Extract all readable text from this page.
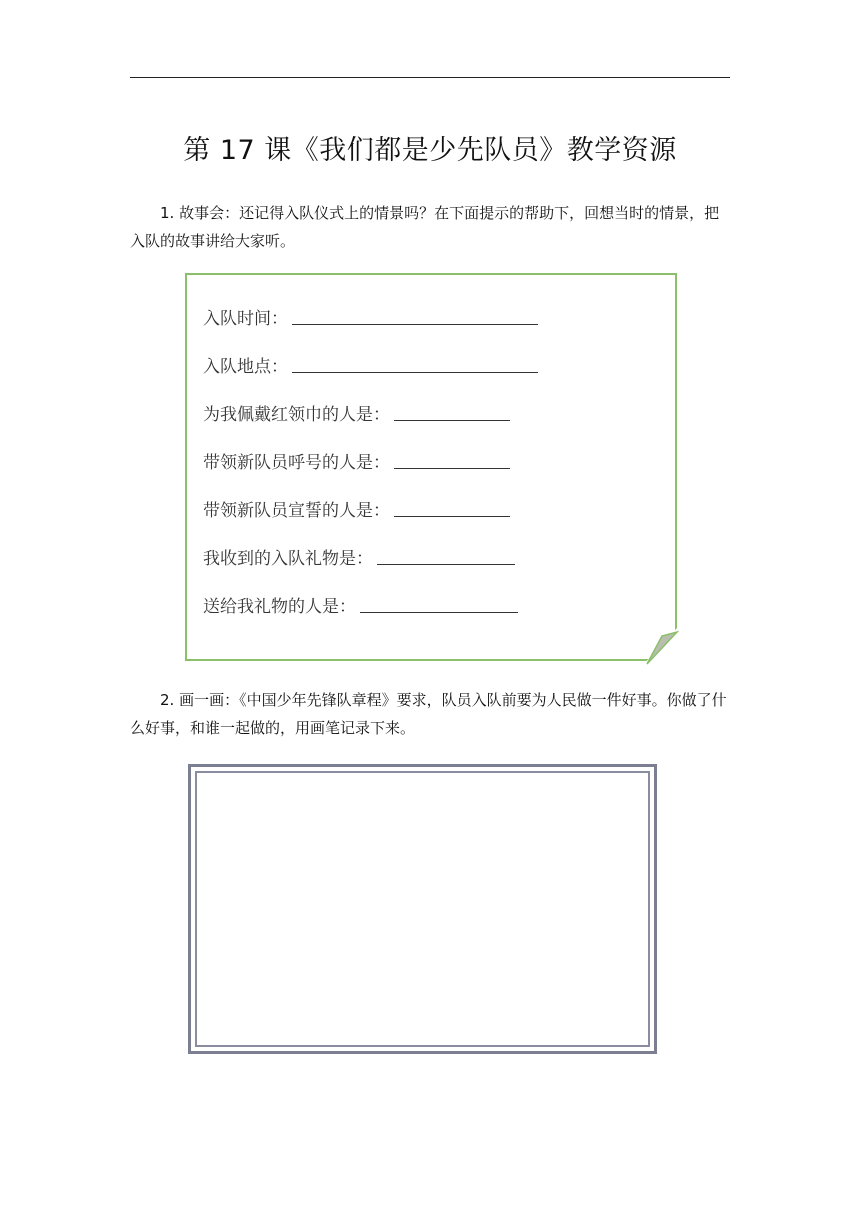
第 17 课《我们都是少先队员》教学资源

1. 故事会：还记得入队仪式上的情景吗？在下面提示的帮助下，回想当时的情景，把入队的故事讲给大家听。

入队时间：
入队地点：
为我佩戴红领巾的人是：
带领新队员呼号的人是：
带领新队员宣誓的人是：
我收到的入队礼物是：
送给我礼物的人是：

2. 画一画：《中国少年先锋队章程》要求，队员入队前要为人民做一件好事。你做了什么好事，和谁一起做的，用画笔记录下来。
